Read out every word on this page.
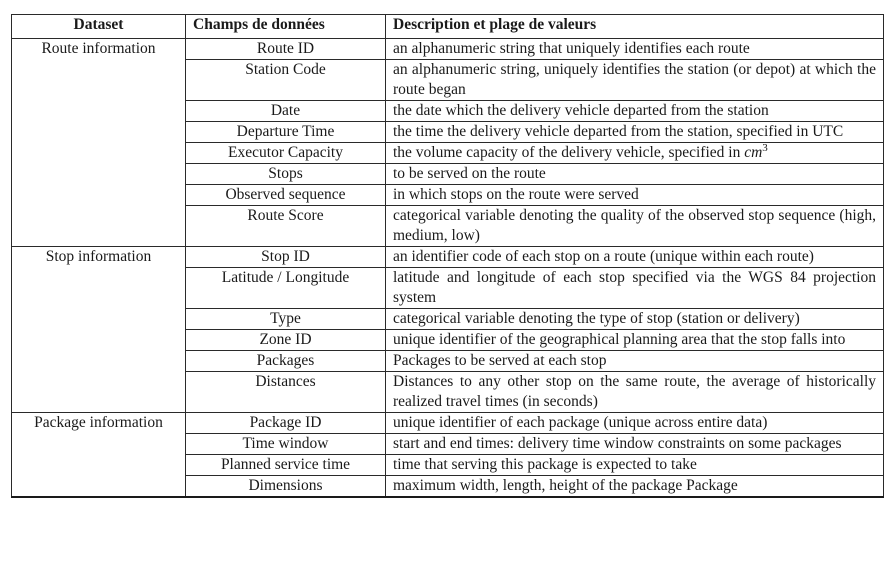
Dataset	Champs de données	Description et plage de valeurs
Route information	Route ID	an alphanumeric string that uniquely identifies each route
	Station Code	an alphanumeric string, uniquely identifies the station (or depot) at which the route began
	Date	the date which the delivery vehicle departed from the station
	Departure Time	the time the delivery vehicle departed from the station, specified in UTC
	Executor Capacity	the volume capacity of the delivery vehicle, specified in $cm^3$
	Stops	to be served on the route
	Observed sequence	in which stops on the route were served
	Route Score	categorical variable denoting the quality of the observed stop sequence (high, medium, low)
Stop information	Stop ID	an identifier code of each stop on a route (unique within each route)
	Latitude / Longitude	latitude and longitude of each stop specified via the WGS 84 projection system
	Type	categorical variable denoting the type of stop (station or delivery)
	Zone ID	unique identifier of the geographical planning area that the stop falls into
	Packages	Packages to be served at each stop
	Distances	Distances to any other stop on the same route, the average of historically realized travel times (in seconds)
Package information	Package ID	unique identifier of each package (unique across entire data)
	Time window	start and end times: delivery time window constraints on some packages
	Planned service time	time that serving this package is expected to take
	Dimensions	maximum width, length, height of the package Package
